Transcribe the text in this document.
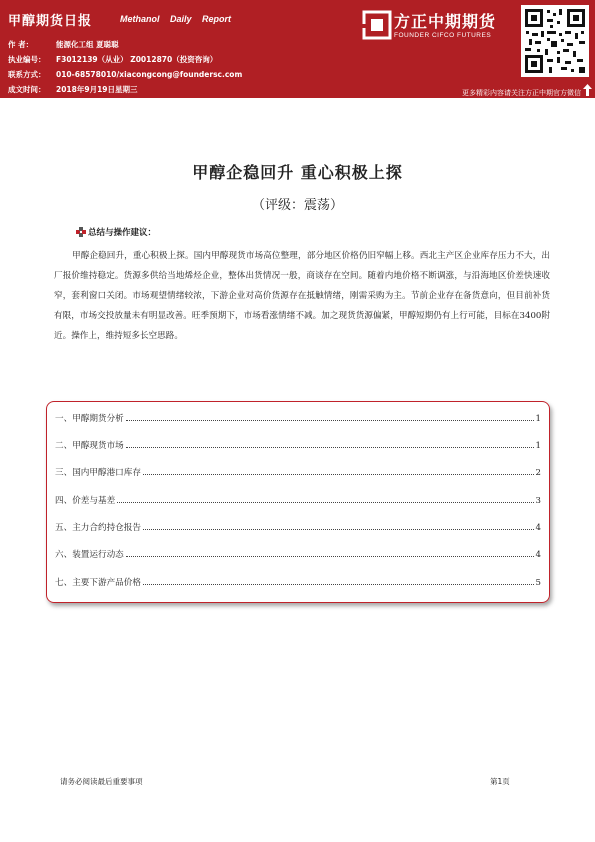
甲醇期货日报	Methanol Daily Report
作 者：	能源化工组 夏聪聪
执业编号： F3012139（从业） Z0012870（投资咨询）
联系方式： 010-68578010/xiacongcong@foundersc.com
成文时间： 2018年9月19日星期三
方正中期期货
FOUNDER CIFCO FUTURES
更多精彩内容请关注方正中期官方微信
甲醇企稳回升 重心积极上探
（评级：震荡）
总结与操作建议：
甲醇企稳回升，重心积极上探。国内甲醇现货市场高位整理，部分地区价格仍旧窄幅上移。西北主产区企业库存压力不大，出厂报价维持稳定。货源多供给当地烯烃企业，整体出货情况一般，商谈存在空间。随着内地价格不断调涨，与沿海地区价差快速收窄，套利窗口关闭。市场观望情绪较浓，下游企业对高价货源存在抵触情绪，刚需采购为主。节前企业存在备货意向，但目前补货有限，市场交投放量未有明显改善。旺季预期下，市场看涨情绪不减。加之现货货源偏紧，甲醇短期仍有上行可能，目标在3400附近。操作上，维持短多长空思路。
一、甲醇期货分析	1
二、甲醇现货市场	1
三、国内甲醇港口库存	2
四、价差与基差	3
五、主力合约持仓报告	4
六、装置运行动态	4
七、主要下游产品价格	5
请务必阅读最后重要事项	第1页
